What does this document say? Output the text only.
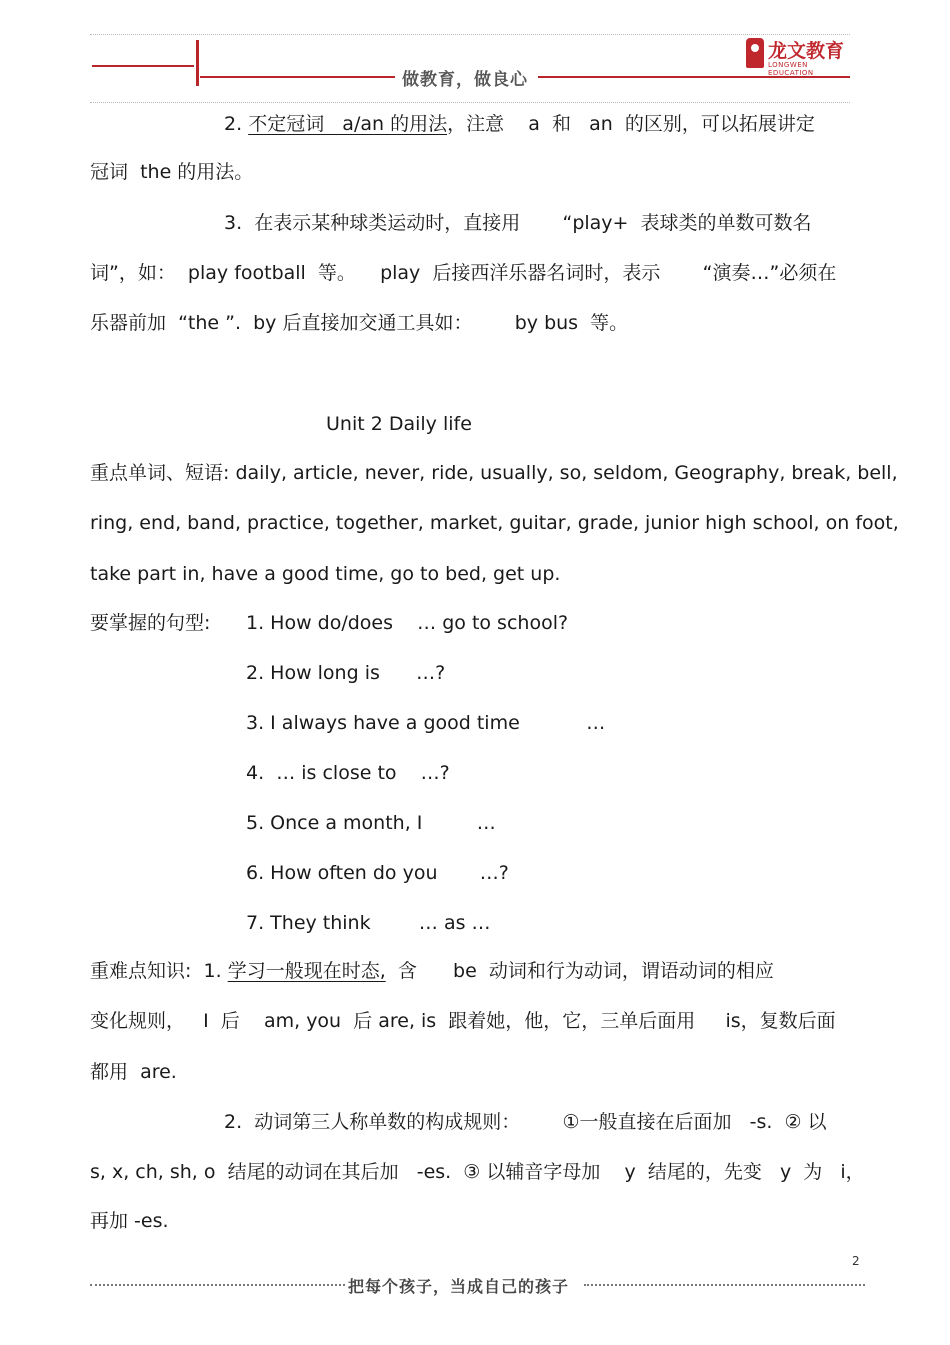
做教育，做良心
龙文教育
LONGWEN EDUCATION
2. 不定冠词   a/an 的用法，注意    a  和   an  的区别，可以拓展讲定
冠词  the 的用法。
3.  在表示某种球类运动时，直接用       “play+  表球类的单数可数名
词”，如：  play football  等。    play  后接西洋乐器名词时，表示       “演奏…”必须在
乐器前加  “the ”.  by 后直接加交通工具如：       by bus  等。
Unit 2 Daily life
重点单词、短语: daily, article, never, ride, usually, so, seldom, Geography, break, bell,
ring, end, band, practice, together, market, guitar, grade, junior high school, on foot,
take part in, have a good time, go to bed, get up.
要掌握的句型: 1. How do/does    … go to school?
2. How long is      …?
3. I always have a good time           …
4.  … is close to    …?
5. Once a month, I         …
6. How often do you       …?
7. They think        … as …
重难点知识: 1. 学习一般现在时态,  含      be  动词和行为动词，谓语动词的相应
变化规则，   I  后    am, you  后 are, is  跟着她，他，它，三单后面用     is，复数后面
都用  are.
2.  动词第三人称单数的构成规则：       ①一般直接在后面加   -s.  ② 以
s, x, ch, sh, o  结尾的动词在其后加   -es.  ③ 以辅音字母加    y  结尾的，先变   y  为   i，
再加 -es.
2
把每个孩子，当成自己的孩子
